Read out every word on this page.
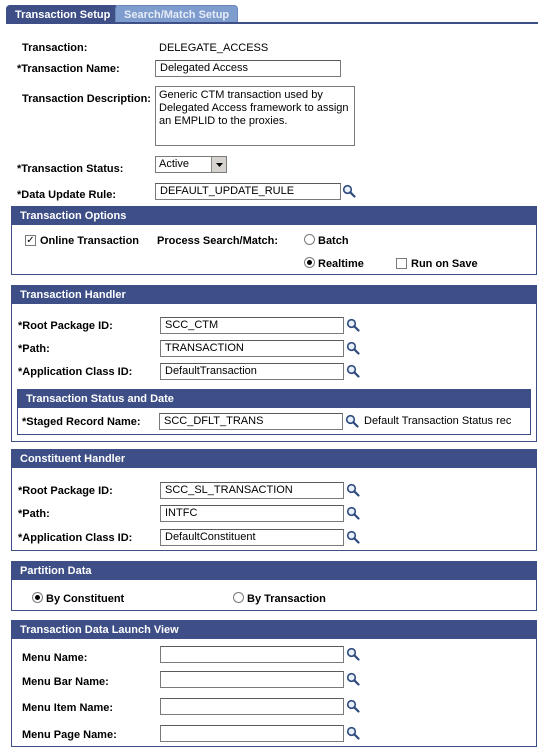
Transaction Setup	Search/Match Setup
Transaction:	DELEGATE_ACCESS
*Transaction Name:	Delegated Access
Transaction Description: Generic CTM transaction used by Delegated Access framework to assign an EMPLID to the proxies.
*Transaction Status:	Active
*Data Update Rule:	DEFAULT_UPDATE_RULE
Transaction Options
✓ Online Transaction Process Search/Match:	Batch
Realtime	Run on Save
Transaction Handler
*Root Package ID:	SCC_CTM
*Path:	TRANSACTION
*Application Class ID:	DefaultTransaction
Transaction Status and Date
*Staged Record Name:	SCC_DFLT_TRANS	Default Transaction Status rec
Constituent Handler
*Root Package ID:	SCC_SL_TRANSACTION
*Path:	INTFC
*Application Class ID:	DefaultConstituent
Partition Data
By Constituent	By Transaction
Transaction Data Launch View
Menu Name:
Menu Bar Name:
Menu Item Name:
Menu Page Name:
